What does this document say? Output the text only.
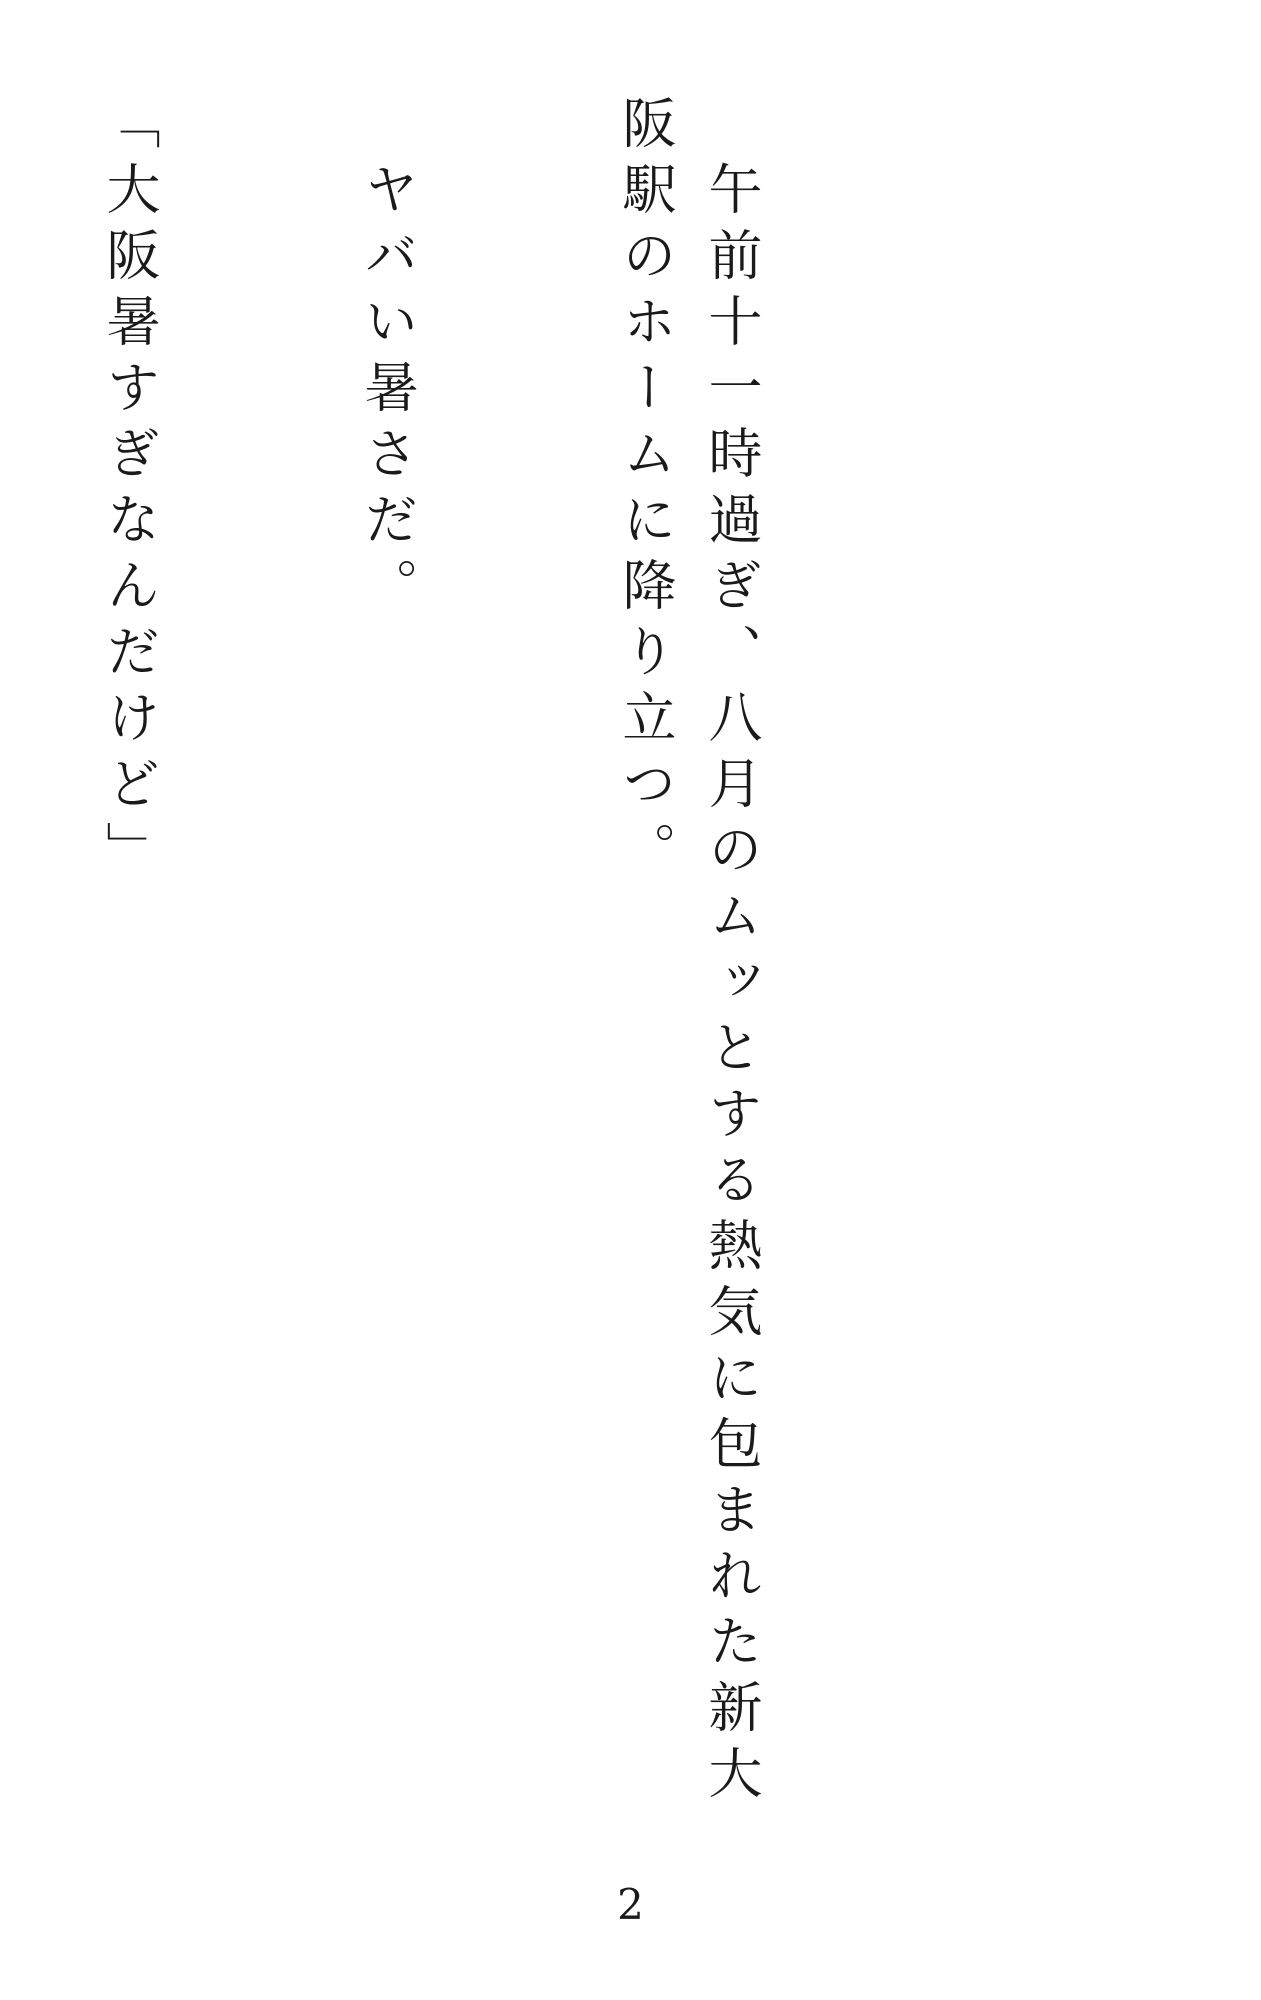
　午前十一時過ぎ、八月のムッとする熱気に包まれた新大阪駅のホームに降り立つ。

　ヤバい暑さだ。

「大阪暑すぎなんだけど」

2
